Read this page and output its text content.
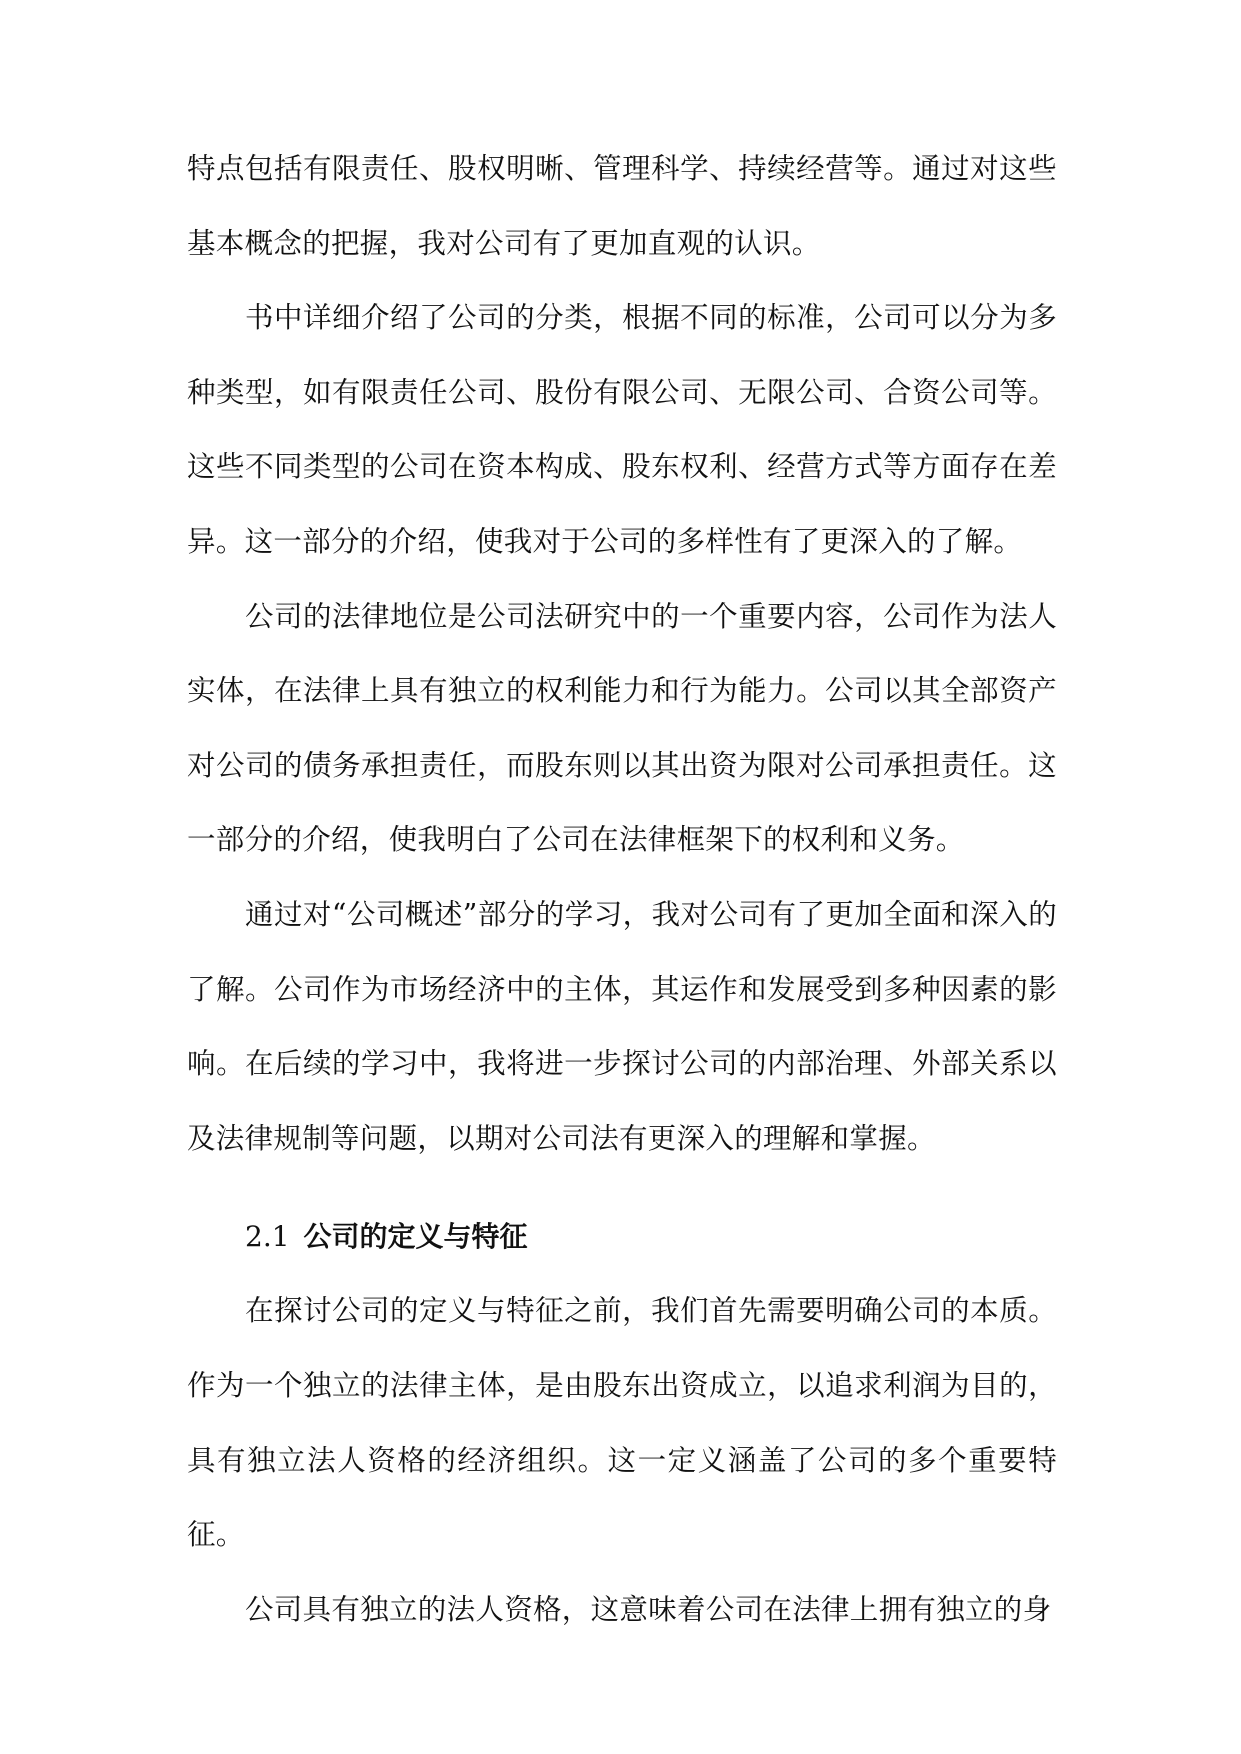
特点包括有限责任、股权明晰、管理科学、持续经营等。通过对这些基本概念的把握，我对公司有了更加直观的认识。

书中详细介绍了公司的分类，根据不同的标准，公司可以分为多种类型，如有限责任公司、股份有限公司、无限公司、合资公司等。这些不同类型的公司在资本构成、股东权利、经营方式等方面存在差异。这一部分的介绍，使我对于公司的多样性有了更深入的了解。

公司的法律地位是公司法研究中的一个重要内容，公司作为法人实体，在法律上具有独立的权利能力和行为能力。公司以其全部资产对公司的债务承担责任，而股东则以其出资为限对公司承担责任。这一部分的介绍，使我明白了公司在法律框架下的权利和义务。

通过对“公司概述”部分的学习，我对公司有了更加全面和深入的了解。公司作为市场经济中的主体，其运作和发展受到多种因素的影响。在后续的学习中，我将进一步探讨公司的内部治理、外部关系以及法律规制等问题，以期对公司法有更深入的理解和掌握。

2.1 公司的定义与特征

在探讨公司的定义与特征之前，我们首先需要明确公司的本质。作为一个独立的法律主体，是由股东出资成立，以追求利润为目的，具有独立法人资格的经济组织。这一定义涵盖了公司的多个重要特征。

公司具有独立的法人资格，这意味着公司在法律上拥有独立的身
